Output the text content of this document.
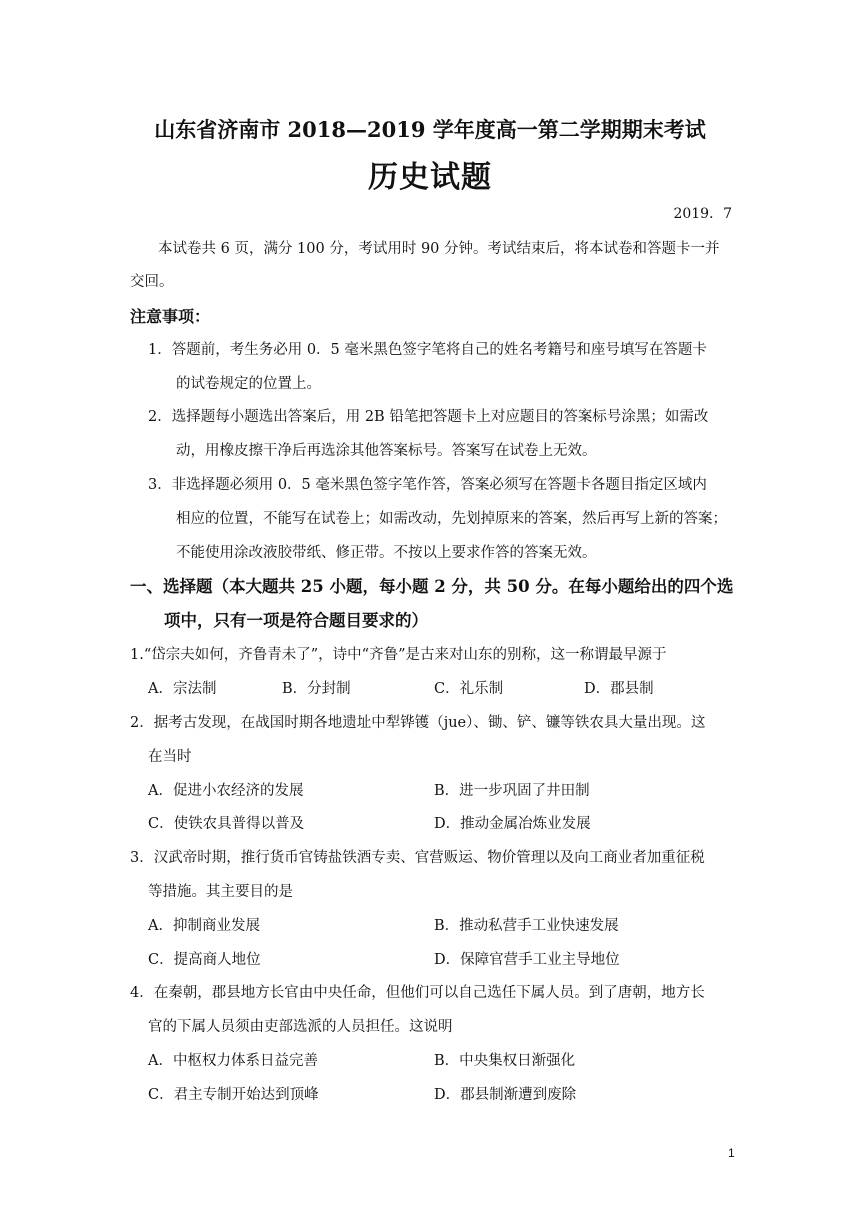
山东省济南市 2018—2019 学年度高一第二学期期末考试
历史试题
2019．7
本试卷共 6 页，满分 100 分，考试用时 90 分钟。考试结束后，将本试卷和答题卡一并
交回。
注意事项：
1．答题前，考生务必用 0．5 毫米黑色签字笔将自己的姓名考籍号和座号填写在答题卡
的试卷规定的位置上。
2．选择题每小题选出答案后，用 2B 铅笔把答题卡上对应题目的答案标号涂黑；如需改
动，用橡皮擦干净后再选涂其他答案标号。答案写在试卷上无效。
3．非选择题必须用 0．5 毫米黑色签字笔作答，答案必须写在答题卡各题目指定区域内
相应的位置，不能写在试卷上；如需改动，先划掉原来的答案，然后再写上新的答案；
不能使用涂改液胶带纸、修正带。不按以上要求作答的答案无效。
一、选择题（本大题共 25 小题，每小题 2 分，共 50 分。在每小题给出的四个选
项中，只有一项是符合题目要求的）
1.“岱宗夫如何，齐鲁青未了”，诗中“齐鲁”是古来对山东的别称，这一称谓最早源于
A．宗法制	B．分封制	C．礼乐制	D．郡县制
2．据考古发现，在战国时期各地遗址中犁铧镬（jue）、锄、铲、镰等铁农具大量出现。这
在当时
A．促进小农经济的发展	B．进一步巩固了井田制
C．使铁农具普得以普及	D．推动金属冶炼业发展
3．汉武帝时期，推行货币官铸盐铁酒专卖、官营贩运、物价管理以及向工商业者加重征税
等措施。其主要目的是
A．抑制商业发展	B．推动私营手工业快速发展
C．提高商人地位	D．保障官营手工业主导地位
4．在秦朝，郡县地方长官由中央任命，但他们可以自己选任下属人员。到了唐朝，地方长
官的下属人员须由吏部选派的人员担任。这说明
A．中枢权力体系日益完善	B．中央集权日渐强化
C．君主专制开始达到顶峰	D．郡县制渐遭到废除
1
